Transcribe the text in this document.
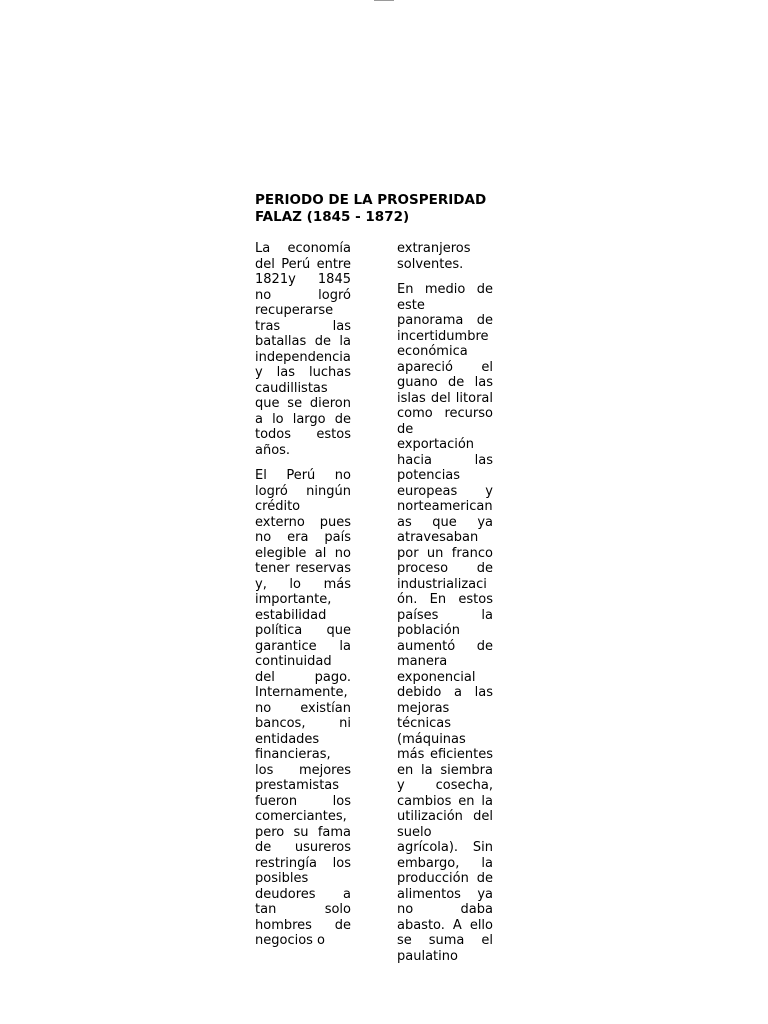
PERIODO DE LA PROSPERIDAD FALAZ (1845 - 1872)

La economía del Perú entre 1821y 1845 no logró recuperarse tras las batallas de la independencia y las luchas caudillistas que se dieron a lo largo de todos estos años.

El Perú no logró ningún crédito externo pues no era país elegible al no tener reservas y, lo más importante, estabilidad política que garantice la continuidad del pago. Internamente, no existían bancos, ni entidades financieras, los mejores prestamistas fueron los comerciantes, pero su fama de usureros restringía los posibles deudores a tan solo hombres de negocios o

extranjeros solventes.

En medio de este panorama de incertidumbre económica apareció el guano de las islas del litoral como recurso de exportación hacia las potencias europeas y norteamerican as que ya atravesaban por un franco proceso de industrializaci ón. En estos países la población aumentó de manera exponencial debido a las mejoras técnicas (máquinas más eficientes en la siembra y cosecha, cambios en la utilización del suelo agrícola). Sin embargo, la producción de alimentos ya no daba abasto. A ello se suma el paulatino
